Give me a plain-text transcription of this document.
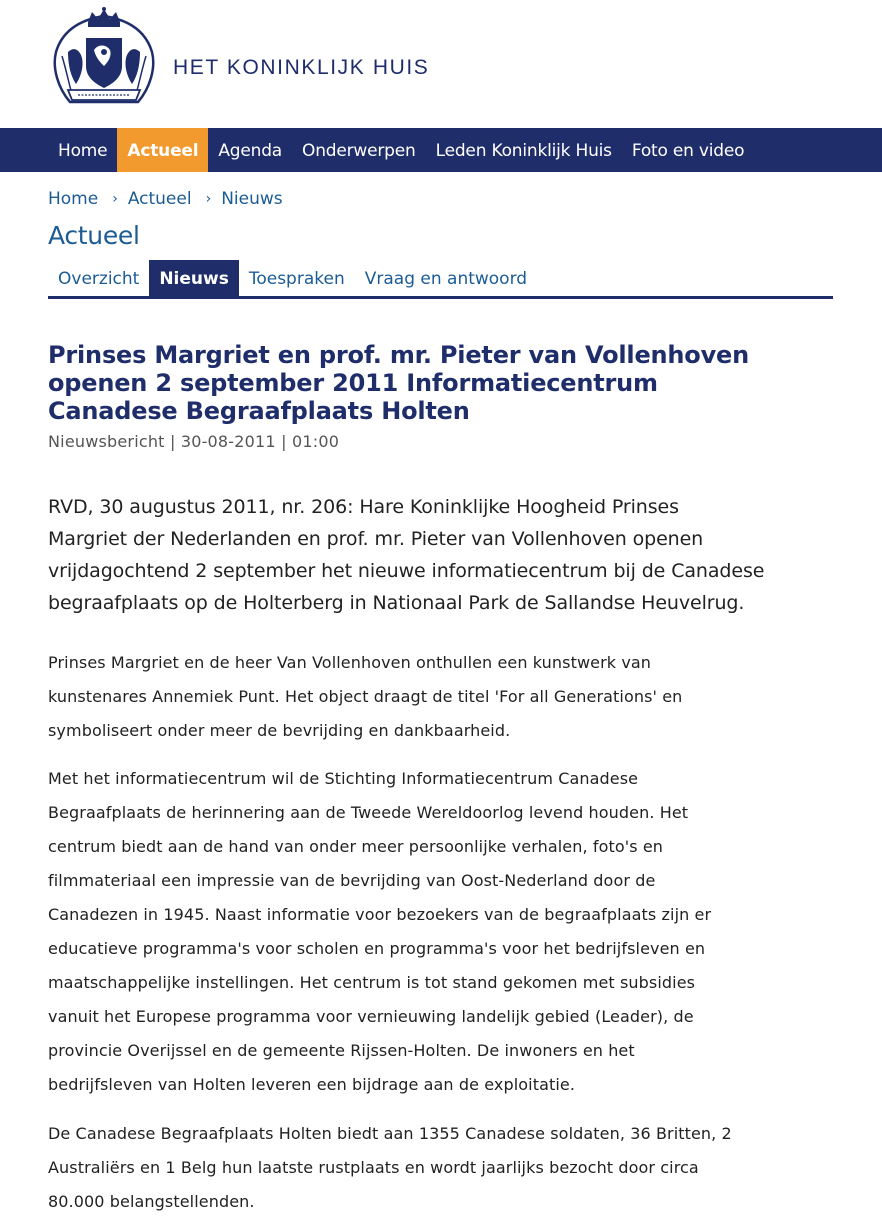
HET KONINKLIJK HUIS
Home	Actueel	Agenda	Onderwerpen	Leden Koninklijk Huis	Foto en video
Home › Actueel › Nieuws
Actueel
Overzicht	Nieuws	Toespraken	Vraag en antwoord
Prinses Margriet en prof. mr. Pieter van Vollenhoven
openen 2 september 2011 Informatiecentrum
Canadese Begraafplaats Holten
Nieuwsbericht | 30-08-2011 | 01:00

RVD, 30 augustus 2011, nr. 206: Hare Koninklijke Hoogheid Prinses
Margriet der Nederlanden en prof. mr. Pieter van Vollenhoven openen
vrijdagochtend 2 september het nieuwe informatiecentrum bij de Canadese
begraafplaats op de Holterberg in Nationaal Park de Sallandse Heuvelrug.

Prinses Margriet en de heer Van Vollenhoven onthullen een kunstwerk van
kunstenares Annemiek Punt. Het object draagt de titel 'For all Generations' en
symboliseert onder meer de bevrijding en dankbaarheid.

Met het informatiecentrum wil de Stichting Informatiecentrum Canadese
Begraafplaats de herinnering aan de Tweede Wereldoorlog levend houden. Het
centrum biedt aan de hand van onder meer persoonlijke verhalen, foto's en
filmmateriaal een impressie van de bevrijding van Oost-Nederland door de
Canadezen in 1945. Naast informatie voor bezoekers van de begraafplaats zijn er
educatieve programma's voor scholen en programma's voor het bedrijfsleven en
maatschappelijke instellingen. Het centrum is tot stand gekomen met subsidies
vanuit het Europese programma voor vernieuwing landelijk gebied (Leader), de
provincie Overijssel en de gemeente Rijssen-Holten. De inwoners en het
bedrijfsleven van Holten leveren een bijdrage aan de exploitatie.

De Canadese Begraafplaats Holten biedt aan 1355 Canadese soldaten, 36 Britten, 2
Australiërs en 1 Belg hun laatste rustplaats en wordt jaarlijks bezocht door circa
80.000 belangstellenden.
